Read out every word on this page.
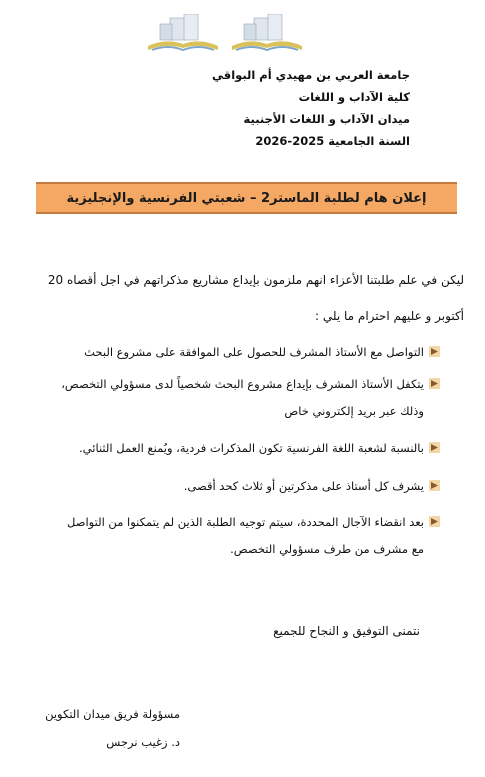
جامعة العربي بن مهيدي أم البواقي
كلية الآداب و اللغات
ميدان الآداب و اللغات الأجنبية
السنة الجامعية 2025-2026
إعلان هام لطلبة الماستر2 – شعبتي الفرنسية والإنجليزية
ليكن في علم طلبتنا الأعزاء انهم ملزمون بإيداع مشاريع مذكراتهم في اجل أقصاه 20
أكتوبر و عليهم احترام ما يلي :
التواصل مع الأستاذ المشرف للحصول على الموافقة على مشروع البحث
يتكفل الأستاذ المشرف بإيداع مشروع البحث شخصياً لدى مسؤولي التخصص،
وذلك عبر بريد إلكتروني خاص
بالنسبة لشعبة اللغة الفرنسية تكون المذكرات فردية، ويُمنع العمل الثنائي.
يشرف كل أستاذ على مذكرتين أو ثلاث كحد أقصى.
بعد انقضاء الآجال المحددة، سيتم توجيه الطلبة الذين لم يتمكنوا من التواصل
مع مشرف من طرف مسؤولي التخصص.
نتمنى التوفيق و النجاح للجميع
مسؤولة فريق ميدان التكوين
د. زغيب نرجس
